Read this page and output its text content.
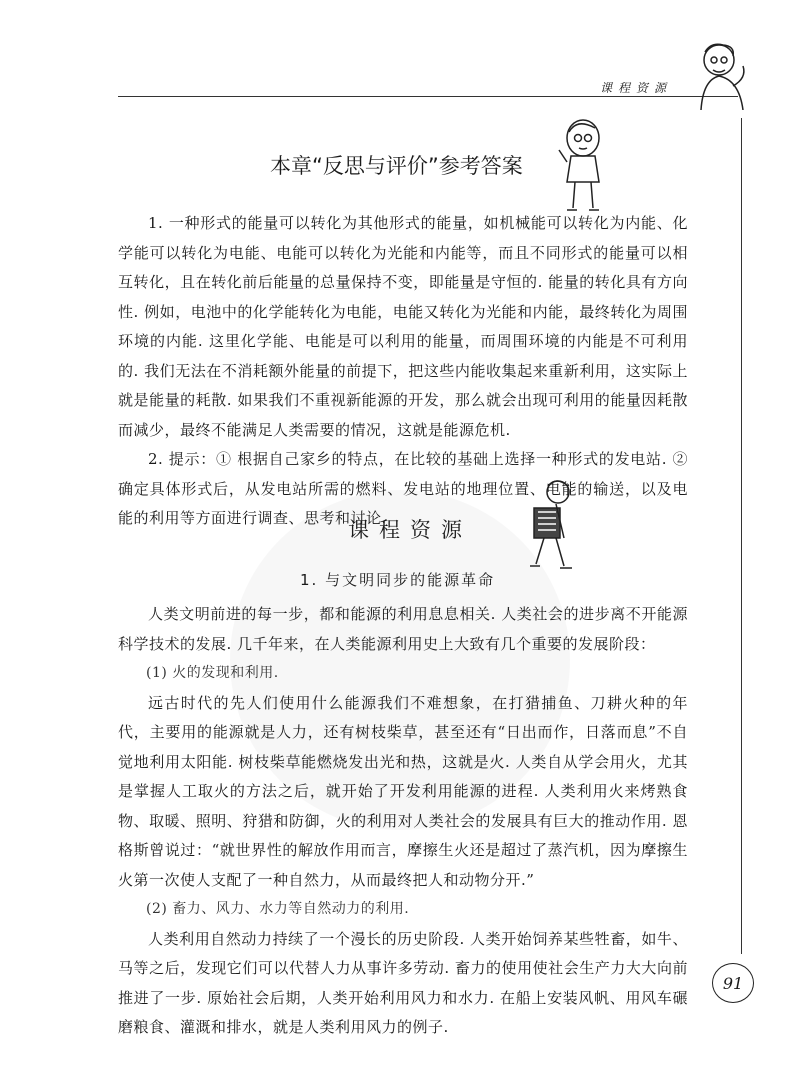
课程资源
本章“反思与评价”参考答案

1. 一种形式的能量可以转化为其他形式的能量，如机械能可以转化为内能、化学能可以转化为电能、电能可以转化为光能和内能等，而且不同形式的能量可以相互转化，且在转化前后能量的总量保持不变，即能量是守恒的. 能量的转化具有方向性. 例如，电池中的化学能转化为电能，电能又转化为光能和内能，最终转化为周围环境的内能. 这里化学能、电能是可以利用的能量，而周围环境的内能是不可利用的. 我们无法在不消耗额外能量的前提下，把这些内能收集起来重新利用，这实际上就是能量的耗散. 如果我们不重视新能源的开发，那么就会出现可利用的能量因耗散而减少，最终不能满足人类需要的情况，这就是能源危机.

2. 提示：① 根据自己家乡的特点，在比较的基础上选择一种形式的发电站. ② 确定具体形式后，从发电站所需的燃料、发电站的地理位置、电能的输送，以及电能的利用等方面进行调查、思考和讨论.

课程资源
1. 与文明同步的能源革命

人类文明前进的每一步，都和能源的利用息息相关. 人类社会的进步离不开能源科学技术的发展. 几千年来，在人类能源利用史上大致有几个重要的发展阶段：

(1) 火的发现和利用.

远古时代的先人们使用什么能源我们不难想象，在打猎捕鱼、刀耕火种的年代，主要用的能源就是人力，还有树枝柴草，甚至还有“日出而作，日落而息”不自觉地利用太阳能. 树枝柴草能燃烧发出光和热，这就是火. 人类自从学会用火，尤其是掌握人工取火的方法之后，就开始了开发利用能源的进程. 人类利用火来烤熟食物、取暖、照明、狩猎和防御，火的利用对人类社会的发展具有巨大的推动作用. 恩格斯曾说过：“就世界性的解放作用而言，摩擦生火还是超过了蒸汽机，因为摩擦生火第一次使人支配了一种自然力，从而最终把人和动物分开.”

(2) 畜力、风力、水力等自然动力的利用.

人类利用自然动力持续了一个漫长的历史阶段. 人类开始饲养某些牲畜，如牛、马等之后，发现它们可以代替人力从事许多劳动. 畜力的使用使社会生产力大大向前推进了一步. 原始社会后期，人类开始利用风力和水力. 在船上安装风帆、用风车碾磨粮食、灌溉和排水，就是人类利用风力的例子.

91
